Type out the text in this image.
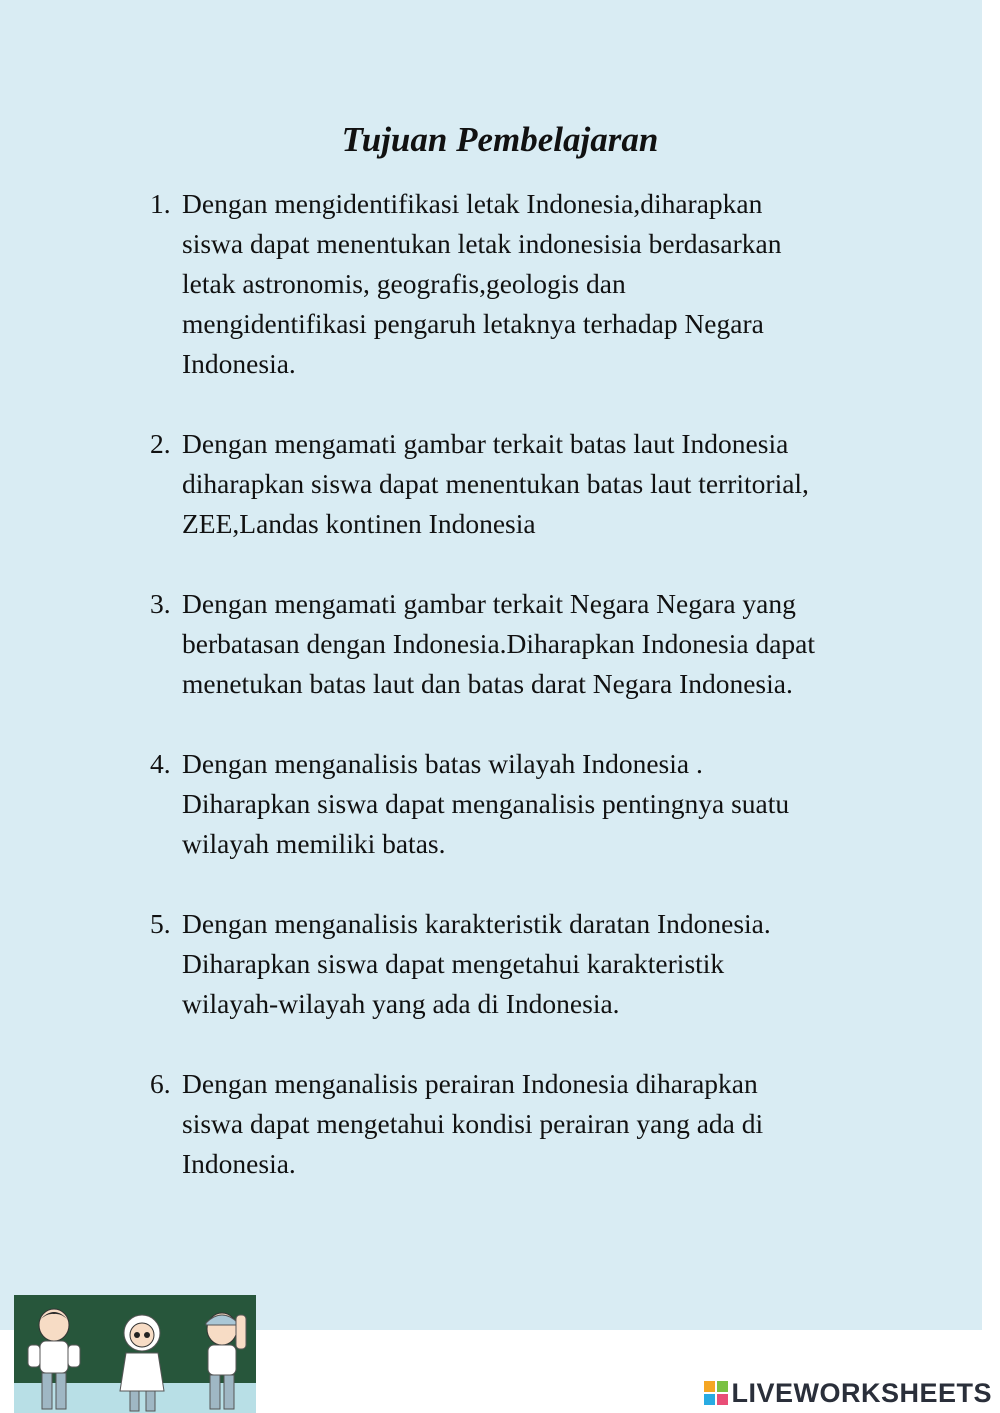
Tujuan Pembelajaran
1. Dengan mengidentifikasi letak Indonesia,diharapkan
siswa dapat menentukan letak indonesisia berdasarkan
letak astronomis, geografis,geologis dan
mengidentifikasi pengaruh letaknya terhadap Negara
Indonesia.
2. Dengan mengamati gambar terkait batas laut Indonesia
diharapkan siswa dapat menentukan batas laut territorial,
ZEE,Landas kontinen Indonesia
3. Dengan mengamati gambar terkait Negara Negara yang
berbatasan dengan Indonesia.Diharapkan Indonesia dapat
menetukan batas laut dan batas darat Negara Indonesia.
4. Dengan menganalisis batas wilayah Indonesia .
Diharapkan siswa dapat menganalisis pentingnya suatu
wilayah memiliki batas.
5. Dengan menganalisis karakteristik daratan Indonesia.
Diharapkan siswa dapat mengetahui karakteristik
wilayah-wilayah yang ada di Indonesia.
6. Dengan menganalisis perairan Indonesia diharapkan
siswa dapat mengetahui kondisi perairan yang ada di
Indonesia.
LIVEWORKSHEETS
